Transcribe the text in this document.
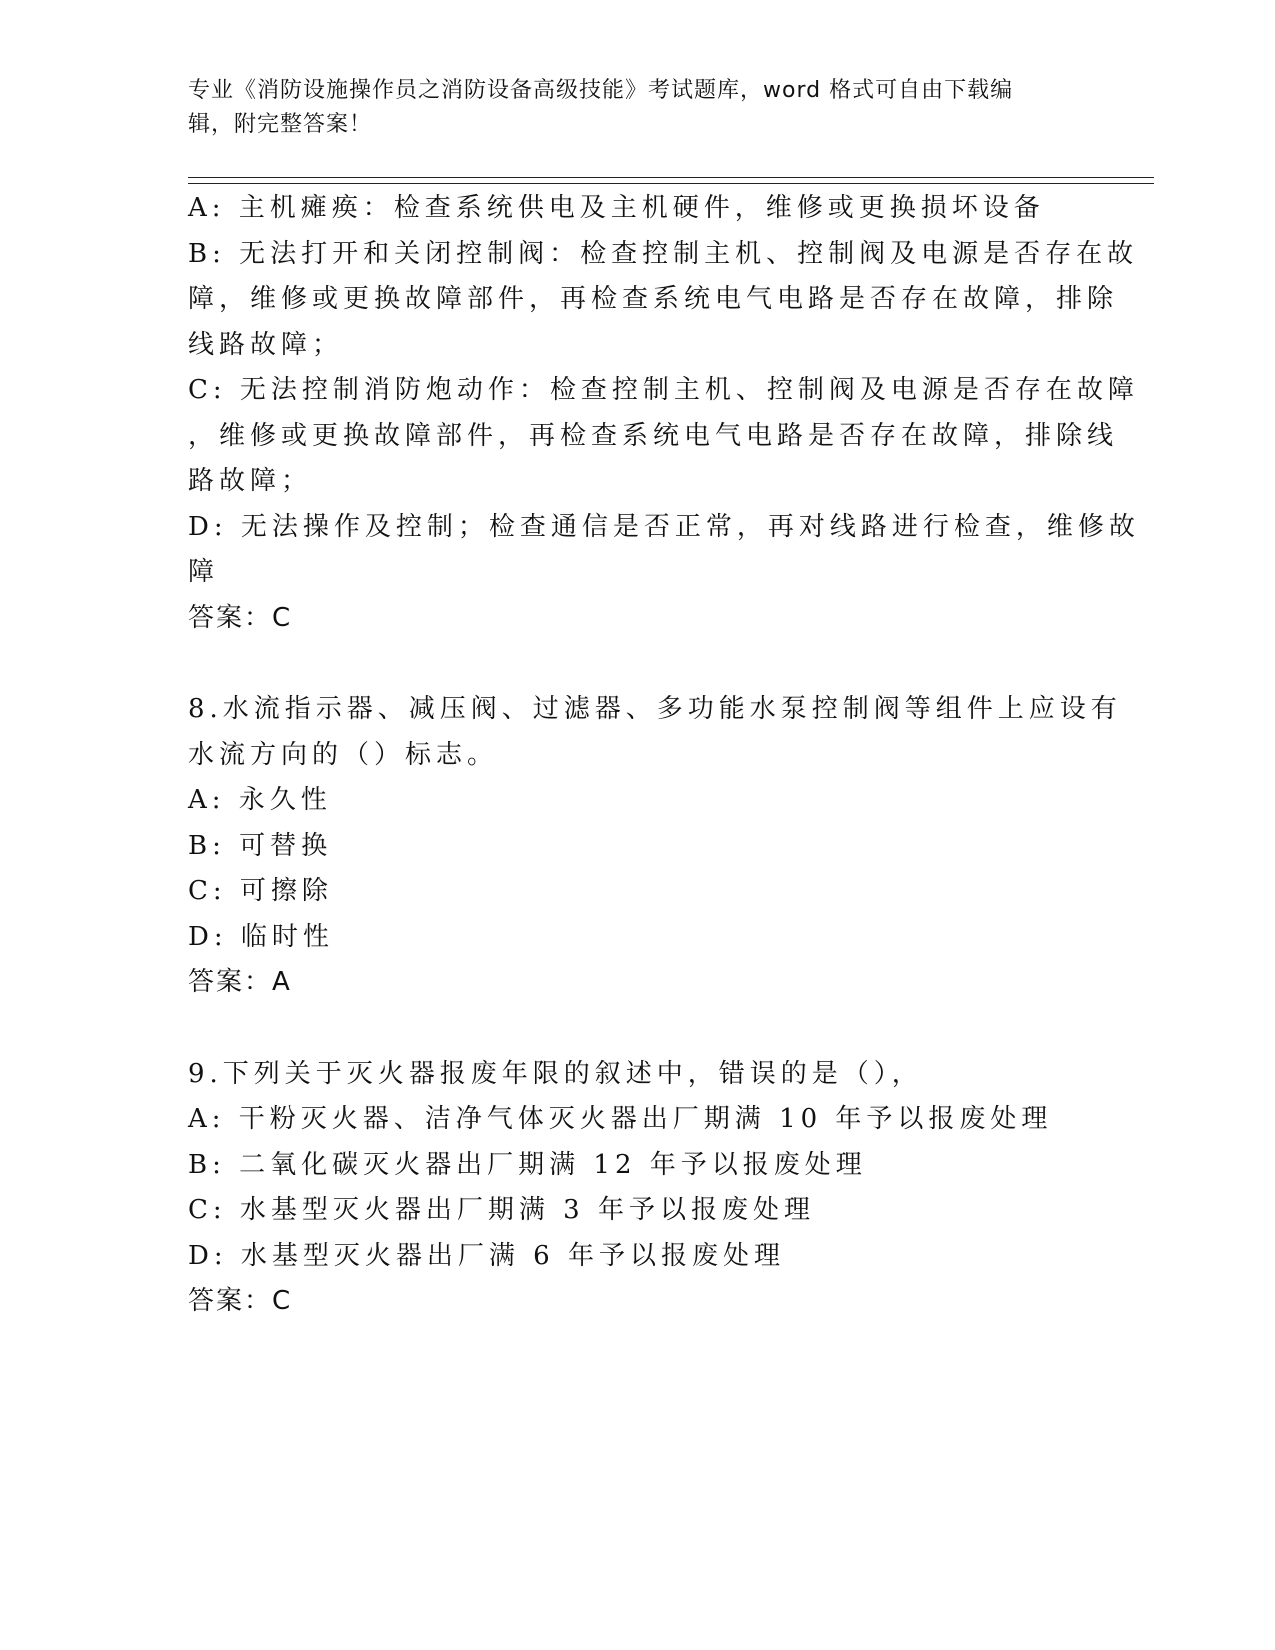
专业《消防设施操作员之消防设备高级技能》考试题库，word 格式可自由下载编
辑，附完整答案！
A: 主机瘫痪：检查系统供电及主机硬件，维修或更换损坏设备
B: 无法打开和关闭控制阀：检查控制主机、控制阀及电源是否存在故
障，维修或更换故障部件，再检查系统电气电路是否存在故障，排除
线路故障；
C: 无法控制消防炮动作：检查控制主机、控制阀及电源是否存在故障
，维修或更换故障部件，再检查系统电气电路是否存在故障，排除线
路故障；
D: 无法操作及控制；检查通信是否正常，再对线路进行检查，维修故
障
答案：C
8.水流指示器、减压阀、过滤器、多功能水泵控制阀等组件上应设有
水流方向的（）标志。
A: 永久性
B: 可替换
C: 可擦除
D: 临时性
答案：A
9.下列关于灭火器报废年限的叙述中，错误的是（），
A: 干粉灭火器、洁净气体灭火器出厂期满 10 年予以报废处理
B: 二氧化碳灭火器出厂期满 12 年予以报废处理
C: 水基型灭火器出厂期满 3 年予以报废处理
D: 水基型灭火器出厂满 6 年予以报废处理
答案：C
